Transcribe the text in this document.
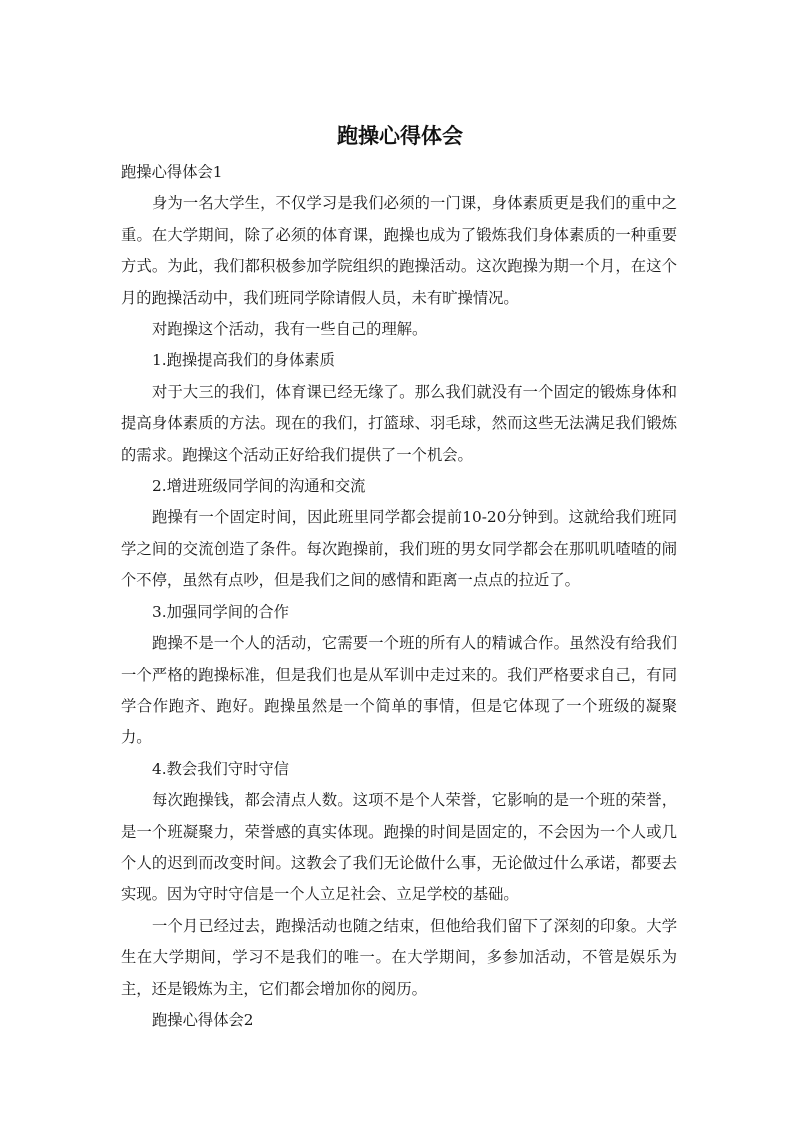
跑操心得体会

跑操心得体会1

身为一名大学生，不仅学习是我们必须的一门课，身体素质更是我们的重中之重。在大学期间，除了必须的体育课，跑操也成为了锻炼我们身体素质的一种重要方式。为此，我们都积极参加学院组织的跑操活动。这次跑操为期一个月，在这个月的跑操活动中，我们班同学除请假人员，未有旷操情况。

对跑操这个活动，我有一些自己的理解。

1.跑操提高我们的身体素质

对于大三的我们，体育课已经无缘了。那么我们就没有一个固定的锻炼身体和提高身体素质的方法。现在的我们，打篮球、羽毛球，然而这些无法满足我们锻炼的需求。跑操这个活动正好给我们提供了一个机会。

2.增进班级同学间的沟通和交流

跑操有一个固定时间，因此班里同学都会提前10-20分钟到。这就给我们班同学之间的交流创造了条件。每次跑操前，我们班的男女同学都会在那叽叽喳喳的闹个不停，虽然有点吵，但是我们之间的感情和距离一点点的拉近了。

3.加强同学间的合作

跑操不是一个人的活动，它需要一个班的所有人的精诚合作。虽然没有给我们一个严格的跑操标准，但是我们也是从军训中走过来的。我们严格要求自己，有同学合作跑齐、跑好。跑操虽然是一个简单的事情，但是它体现了一个班级的凝聚力。

4.教会我们守时守信

每次跑操钱，都会清点人数。这项不是个人荣誉，它影响的是一个班的荣誉，是一个班凝聚力，荣誉感的真实体现。跑操的时间是固定的，不会因为一个人或几个人的迟到而改变时间。这教会了我们无论做什么事，无论做过什么承诺，都要去实现。因为守时守信是一个人立足社会、立足学校的基础。

一个月已经过去，跑操活动也随之结束，但他给我们留下了深刻的印象。大学生在大学期间，学习不是我们的唯一。在大学期间，多参加活动，不管是娱乐为主，还是锻炼为主，它们都会增加你的阅历。

跑操心得体会2
